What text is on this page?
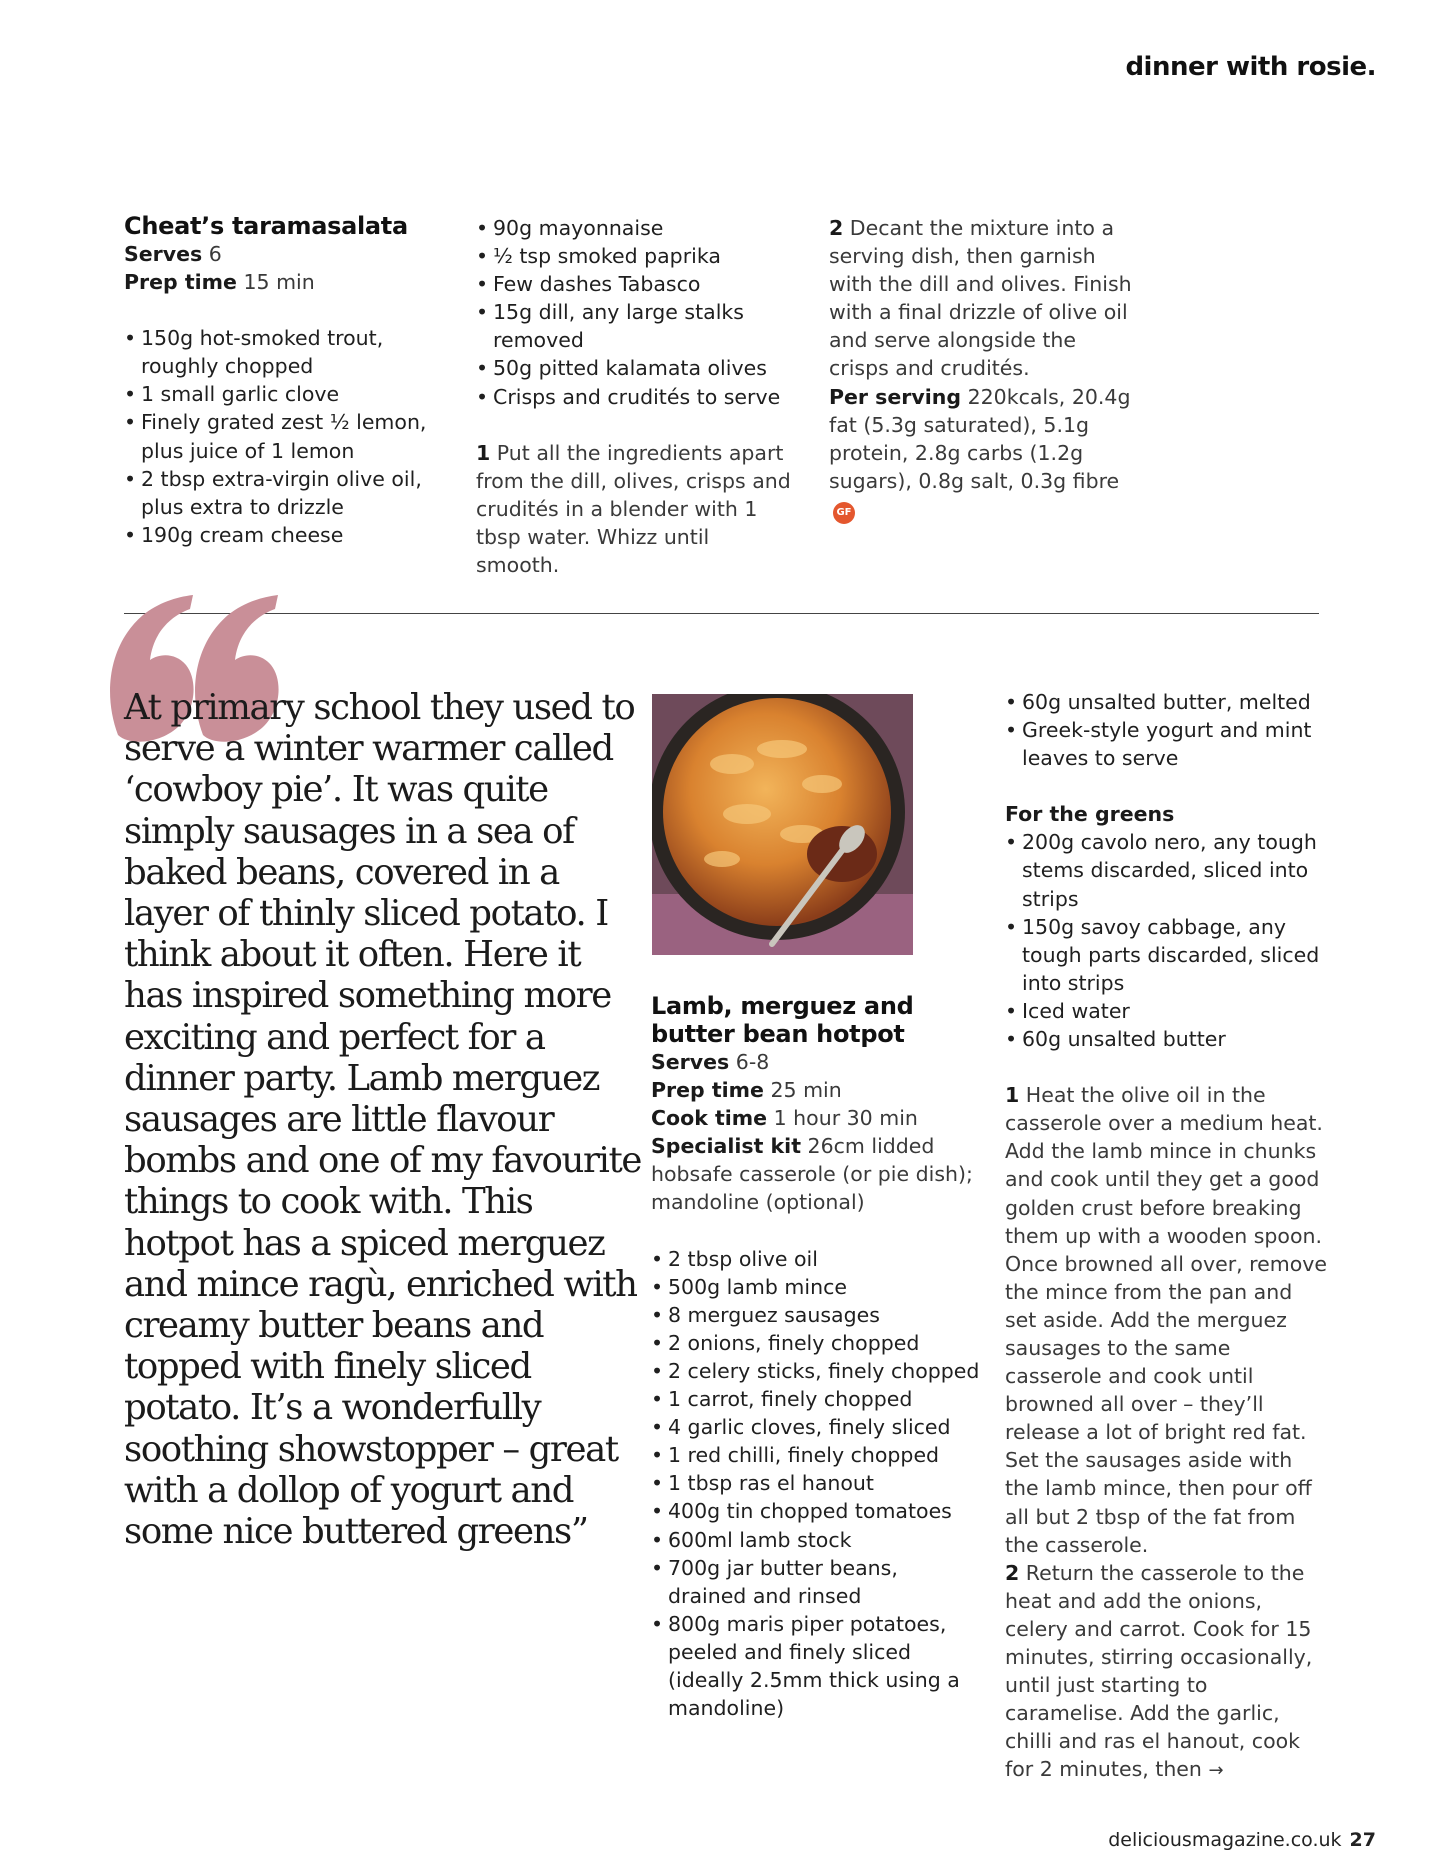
dinner with rosie.
Cheat’s taramasalata
Serves 6
Prep time 15 min
• 150g hot-smoked trout, roughly chopped
• 1 small garlic clove
• Finely grated zest ½ lemon, plus juice of 1 lemon
• 2 tbsp extra-virgin olive oil, plus extra to drizzle
• 190g cream cheese
• 90g mayonnaise
• ½ tsp smoked paprika
• Few dashes Tabasco
• 15g dill, any large stalks removed
• 50g pitted kalamata olives
• Crisps and crudités to serve
1 Put all the ingredients apart from the dill, olives, crisps and crudités in a blender with 1 tbsp water. Whizz until smooth.
2 Decant the mixture into a serving dish, then garnish with the dill and olives. Finish with a final drizzle of olive oil and serve alongside the crisps and crudités.
Per serving 220kcals, 20.4g fat (5.3g saturated), 5.1g protein, 2.8g carbs (1.2g sugars), 0.8g salt, 0.3g fibreGF
At primary school they used to serve a winter warmer called ‘cowboy pie’. It was quite simply sausages in a sea of baked beans, covered in a layer of thinly sliced potato. I think about it often. Here it has inspired something more exciting and perfect for a dinner party. Lamb merguez sausages are little flavour bombs and one of my favourite things to cook with. This hotpot has a spiced merguez and mince ragù, enriched with creamy butter beans and topped with finely sliced potato. It’s a wonderfully soothing showstopper – great with a dollop of yogurt and some nice buttered greens”
Lamb, merguez and butter bean hotpot
Serves 6-8
Prep time 25 min
Cook time 1 hour 30 min
Specialist kit 26cm lidded hobsafe casserole (or pie dish); mandoline (optional)
• 2 tbsp olive oil
• 500g lamb mince
• 8 merguez sausages
• 2 onions, finely chopped
• 2 celery sticks, finely chopped
• 1 carrot, finely chopped
• 4 garlic cloves, finely sliced
• 1 red chilli, finely chopped
• 1 tbsp ras el hanout
• 400g tin chopped tomatoes
• 600ml lamb stock
• 700g jar butter beans, drained and rinsed
• 800g maris piper potatoes, peeled and finely sliced (ideally 2.5mm thick using a mandoline)
• 60g unsalted butter, melted
• Greek-style yogurt and mint leaves to serve
For the greens
• 200g cavolo nero, any tough stems discarded, sliced into strips
• 150g savoy cabbage, any tough parts discarded, sliced into strips
• Iced water
• 60g unsalted butter
1 Heat the olive oil in the casserole over a medium heat. Add the lamb mince in chunks and cook until they get a good golden crust before breaking them up with a wooden spoon. Once browned all over, remove the mince from the pan and set aside. Add the merguez sausages to the same casserole and cook until browned all over – they’ll release a lot of bright red fat. Set the sausages aside with the lamb mince, then pour off all but 2 tbsp of the fat from the casserole.
2 Return the casserole to the heat and add the onions, celery and carrot. Cook for 15 minutes, stirring occasionally, until just starting to caramelise. Add the garlic, chilli and ras el hanout, cook for 2 minutes, then →
deliciousmagazine.co.uk 27
